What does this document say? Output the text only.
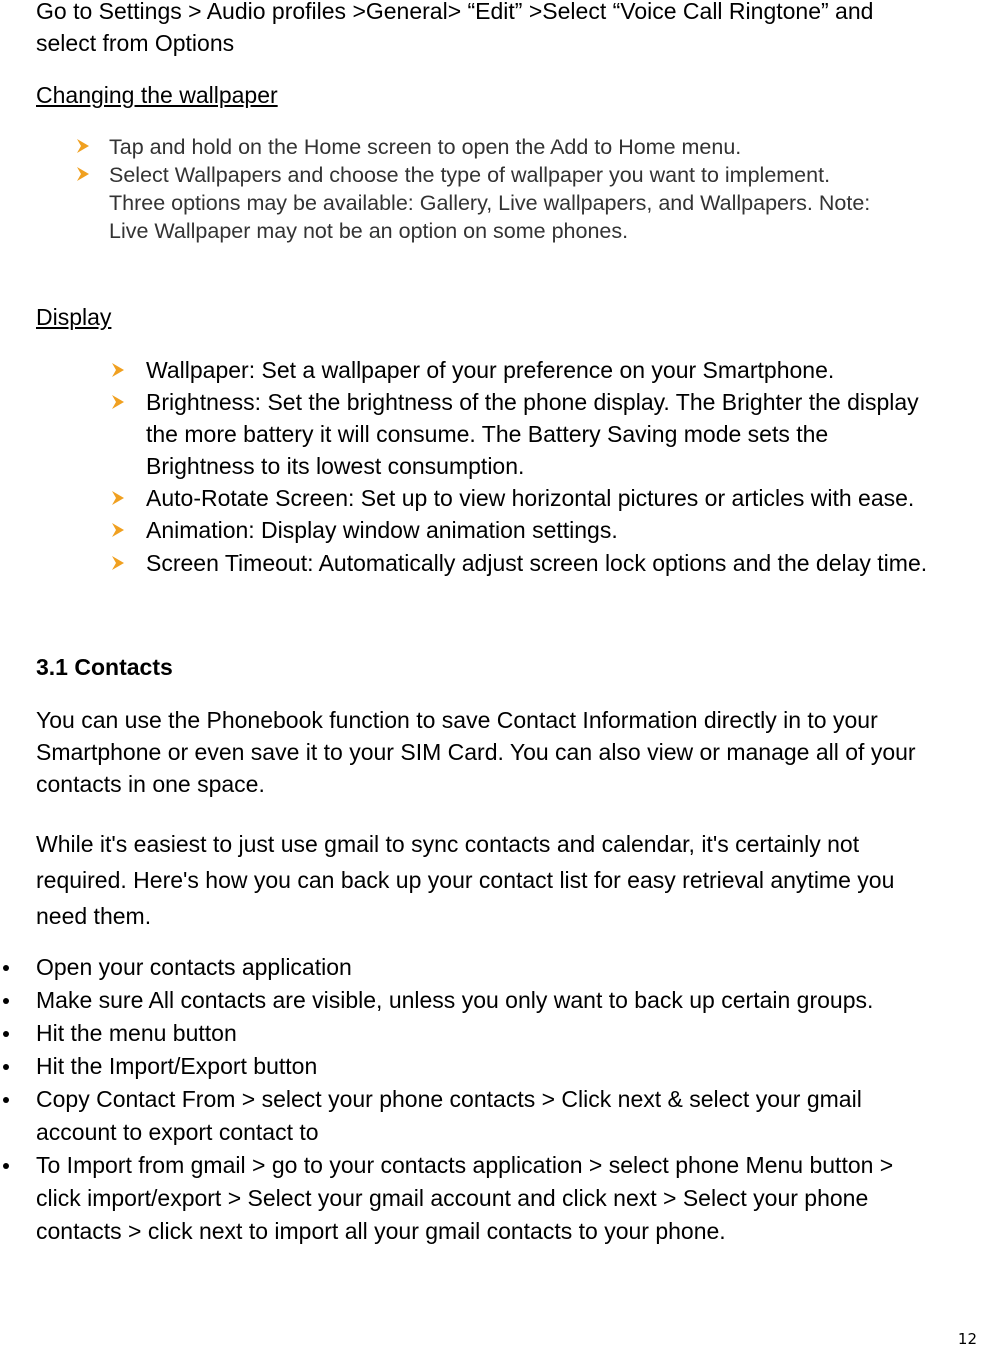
Go to Settings > Audio profiles >General> “Edit” >Select “Voice Call Ringtone” and
select from Options
Changing the wallpaper
Tap and hold on the Home screen to open the Add to Home menu.
Select Wallpapers and choose the type of wallpaper you want to implement.
Three options may be available: Gallery, Live wallpapers, and Wallpapers. Note:
Live Wallpaper may not be an option on some phones.
Display
Wallpaper: Set a wallpaper of your preference on your Smartphone.
Brightness: Set the brightness of the phone display. The Brighter the display
the more battery it will consume. The Battery Saving mode sets the
Brightness to its lowest consumption.
Auto-Rotate Screen: Set up to view horizontal pictures or articles with ease.
Animation: Display window animation settings.
Screen Timeout: Automatically adjust screen lock options and the delay time.
3.1 Contacts
You can use the Phonebook function to save Contact Information directly in to your
Smartphone or even save it to your SIM Card. You can also view or manage all of your
contacts in one space.
While it's easiest to just use gmail to sync contacts and calendar, it's certainly not
required. Here's how you can back up your contact list for easy retrieval anytime you
need them.
Open your contacts application
Make sure All contacts are visible, unless you only want to back up certain groups.
Hit the menu button
Hit the Import/Export button
Copy Contact From > select your phone contacts > Click next & select your gmail
account to export contact to
To Import from gmail > go to your contacts application > select phone Menu button >
click import/export > Select your gmail account and click next > Select your phone
contacts > click next to import all your gmail contacts to your phone.
12
